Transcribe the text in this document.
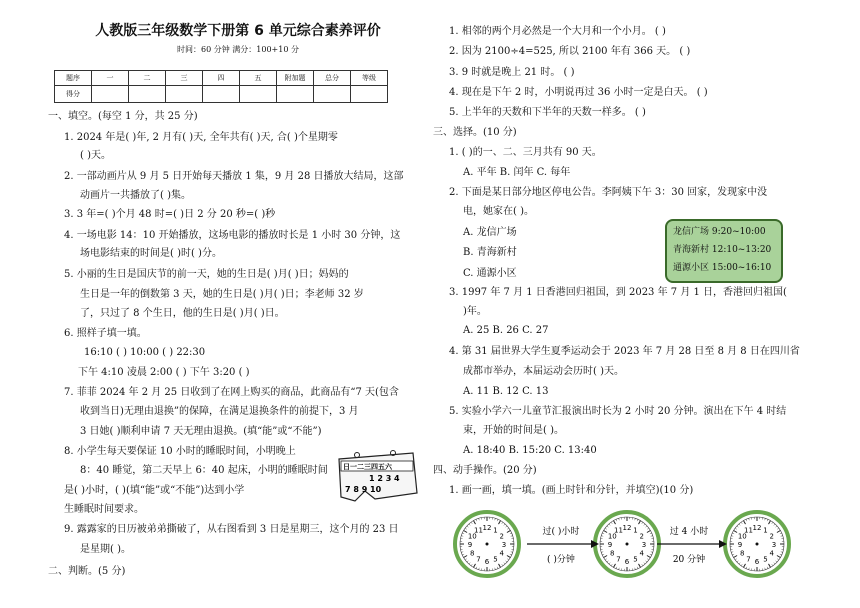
人教版三年级数学下册第 6 单元综合素养评价
时间：60 分钟 满分：100+10 分
题序	一	二	三	四	五	附加题	总分	等级
得分								
一、填空。(每空 1 分，共 25 分)
1. 2024 年是( )年, 2 月有( )天, 全年共有( )天, 合( )个星期零
( )天。
2. 一部动画片从 9 月 5 日开始每天播放 1 集，9 月 28 日播放大结局，这部
动画片一共播放了( )集。
3. 3 年=( )个月 48 时=( )日 2 分 20 秒=( )秒
4. 一场电影 14：10 开始播放，这场电影的播放时长是 1 小时 30 分钟，这
场电影结束的时间是( )时( )分。
5. 小丽的生日是国庆节的前一天，她的生日是( )月( )日；妈妈的
生日是一年的倒数第 3 天，她的生日是( )月( )日；李老师 32 岁
了，只过了 8 个生日，他的生日是( )月( )日。
6. 照样子填一填。
16:10 ( ) 10:00 ( ) 22:30
下午 4:10 凌晨 2:00 ( ) 下午 3:20 ( )
7. 菲菲 2024 年 2 月 25 日收到了在网上购买的商品，此商品有“7 天(包含
收到当日)无理由退换”的保障，在满足退换条件的前提下，3 月
3 日她( )顺利申请 7 天无理由退换。(填“能”或“不能”)
8. 小学生每天要保证 10 小时的睡眠时间，小明晚上
8：40 睡觉，第二天早上 6：40 起床，小明的睡眠时间
是( )小时，( )(填“能”或“不能”)达到小学
生睡眠时间要求。
9. 露露家的日历被弟弟撕破了，从右图看到 3 日是星期三，这个月的 23 日
是星期( )。
二、判断。(5 分)
日一二三四五六
1 2 3 4
7 8 9 10
1. 相邻的两个月必然是一个大月和一个小月。 ( )
2. 因为 2100÷4=525, 所以 2100 年有 366 天。 ( )
3. 9 时就是晚上 21 时。 ( )
4. 现在是下午 2 时，小明说再过 36 小时一定是白天。 ( )
5. 上半年的天数和下半年的天数一样多。 ( )
三、选择。(10 分)
1. ( )的一、二、三月共有 90 天。
A. 平年 B. 闰年 C. 每年
2. 下面是某日部分地区停电公告。李阿姨下午 3：30 回家，发现家中没
电，她家在( )。
A. 龙信广场
B. 青海新村
C. 通源小区
龙信广场 9:20~10:00
青海新村 12:10~13:20
通源小区 15:00~16:10
3. 1997 年 7 月 1 日香港回归祖国，到 2023 年 7 月 1 日，香港回归祖国(
)年。
A. 25 B. 26 C. 27
4. 第 31 届世界大学生夏季运动会于 2023 年 7 月 28 日至 8 月 8 日在四川省
成都市举办，本届运动会历时( )天。
A. 11 B. 12 C. 13
5. 实验小学六一儿童节汇报演出时长为 2 小时 20 分钟。演出在下午 4 时结
束，开始的时间是( )。
A. 18:40 B. 15:20 C. 13:40
四、动手操作。(20 分)
1. 画一画，填一填。(画上时针和分针，并填空)(10 分)
12 1
2
3
4
5
6
7
8
9
10
11	12 1
2
3
4
5
6
7
8
9
10
11	12 1
2
3
4
5
6
7
8
9
10
11
过( )小时
( )分钟
过 4 小时
20 分钟
